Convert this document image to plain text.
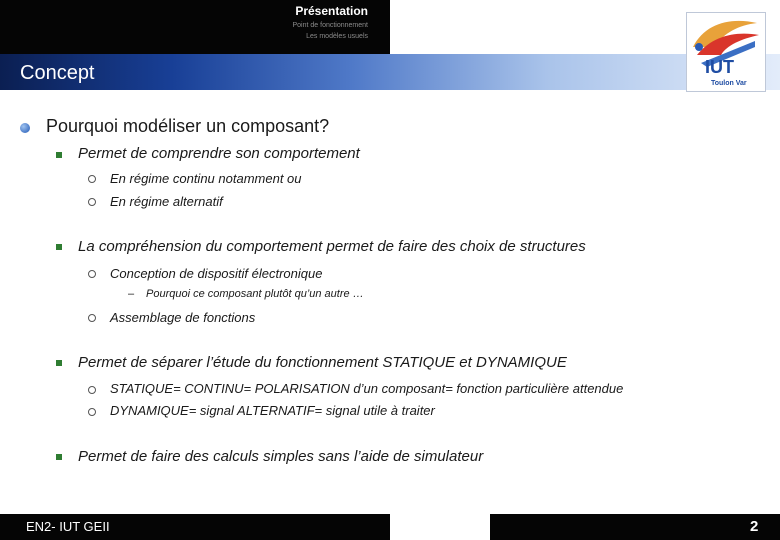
Présentation
Point de fonctionnement
Les modèles usuels
Concept	IUT
Toulon Var
Pourquoi modéliser un composant?
Permet de comprendre son comportement
En régime continu notamment ou
En régime alternatif
La compréhension du comportement permet de faire des choix de structures
Conception de dispositif électronique
– Pourquoi ce composant plutôt qu’un autre …
Assemblage de fonctions
Permet de séparer l’étude du fonctionnement STATIQUE et DYNAMIQUE
STATIQUE= CONTINU= POLARISATION d’un composant= fonction particulière attendue
DYNAMIQUE= signal ALTERNATIF= signal utile à traiter
Permet de faire des calculs simples sans l’aide de simulateur
EN2- IUT GEII	Juan Bravo	2
